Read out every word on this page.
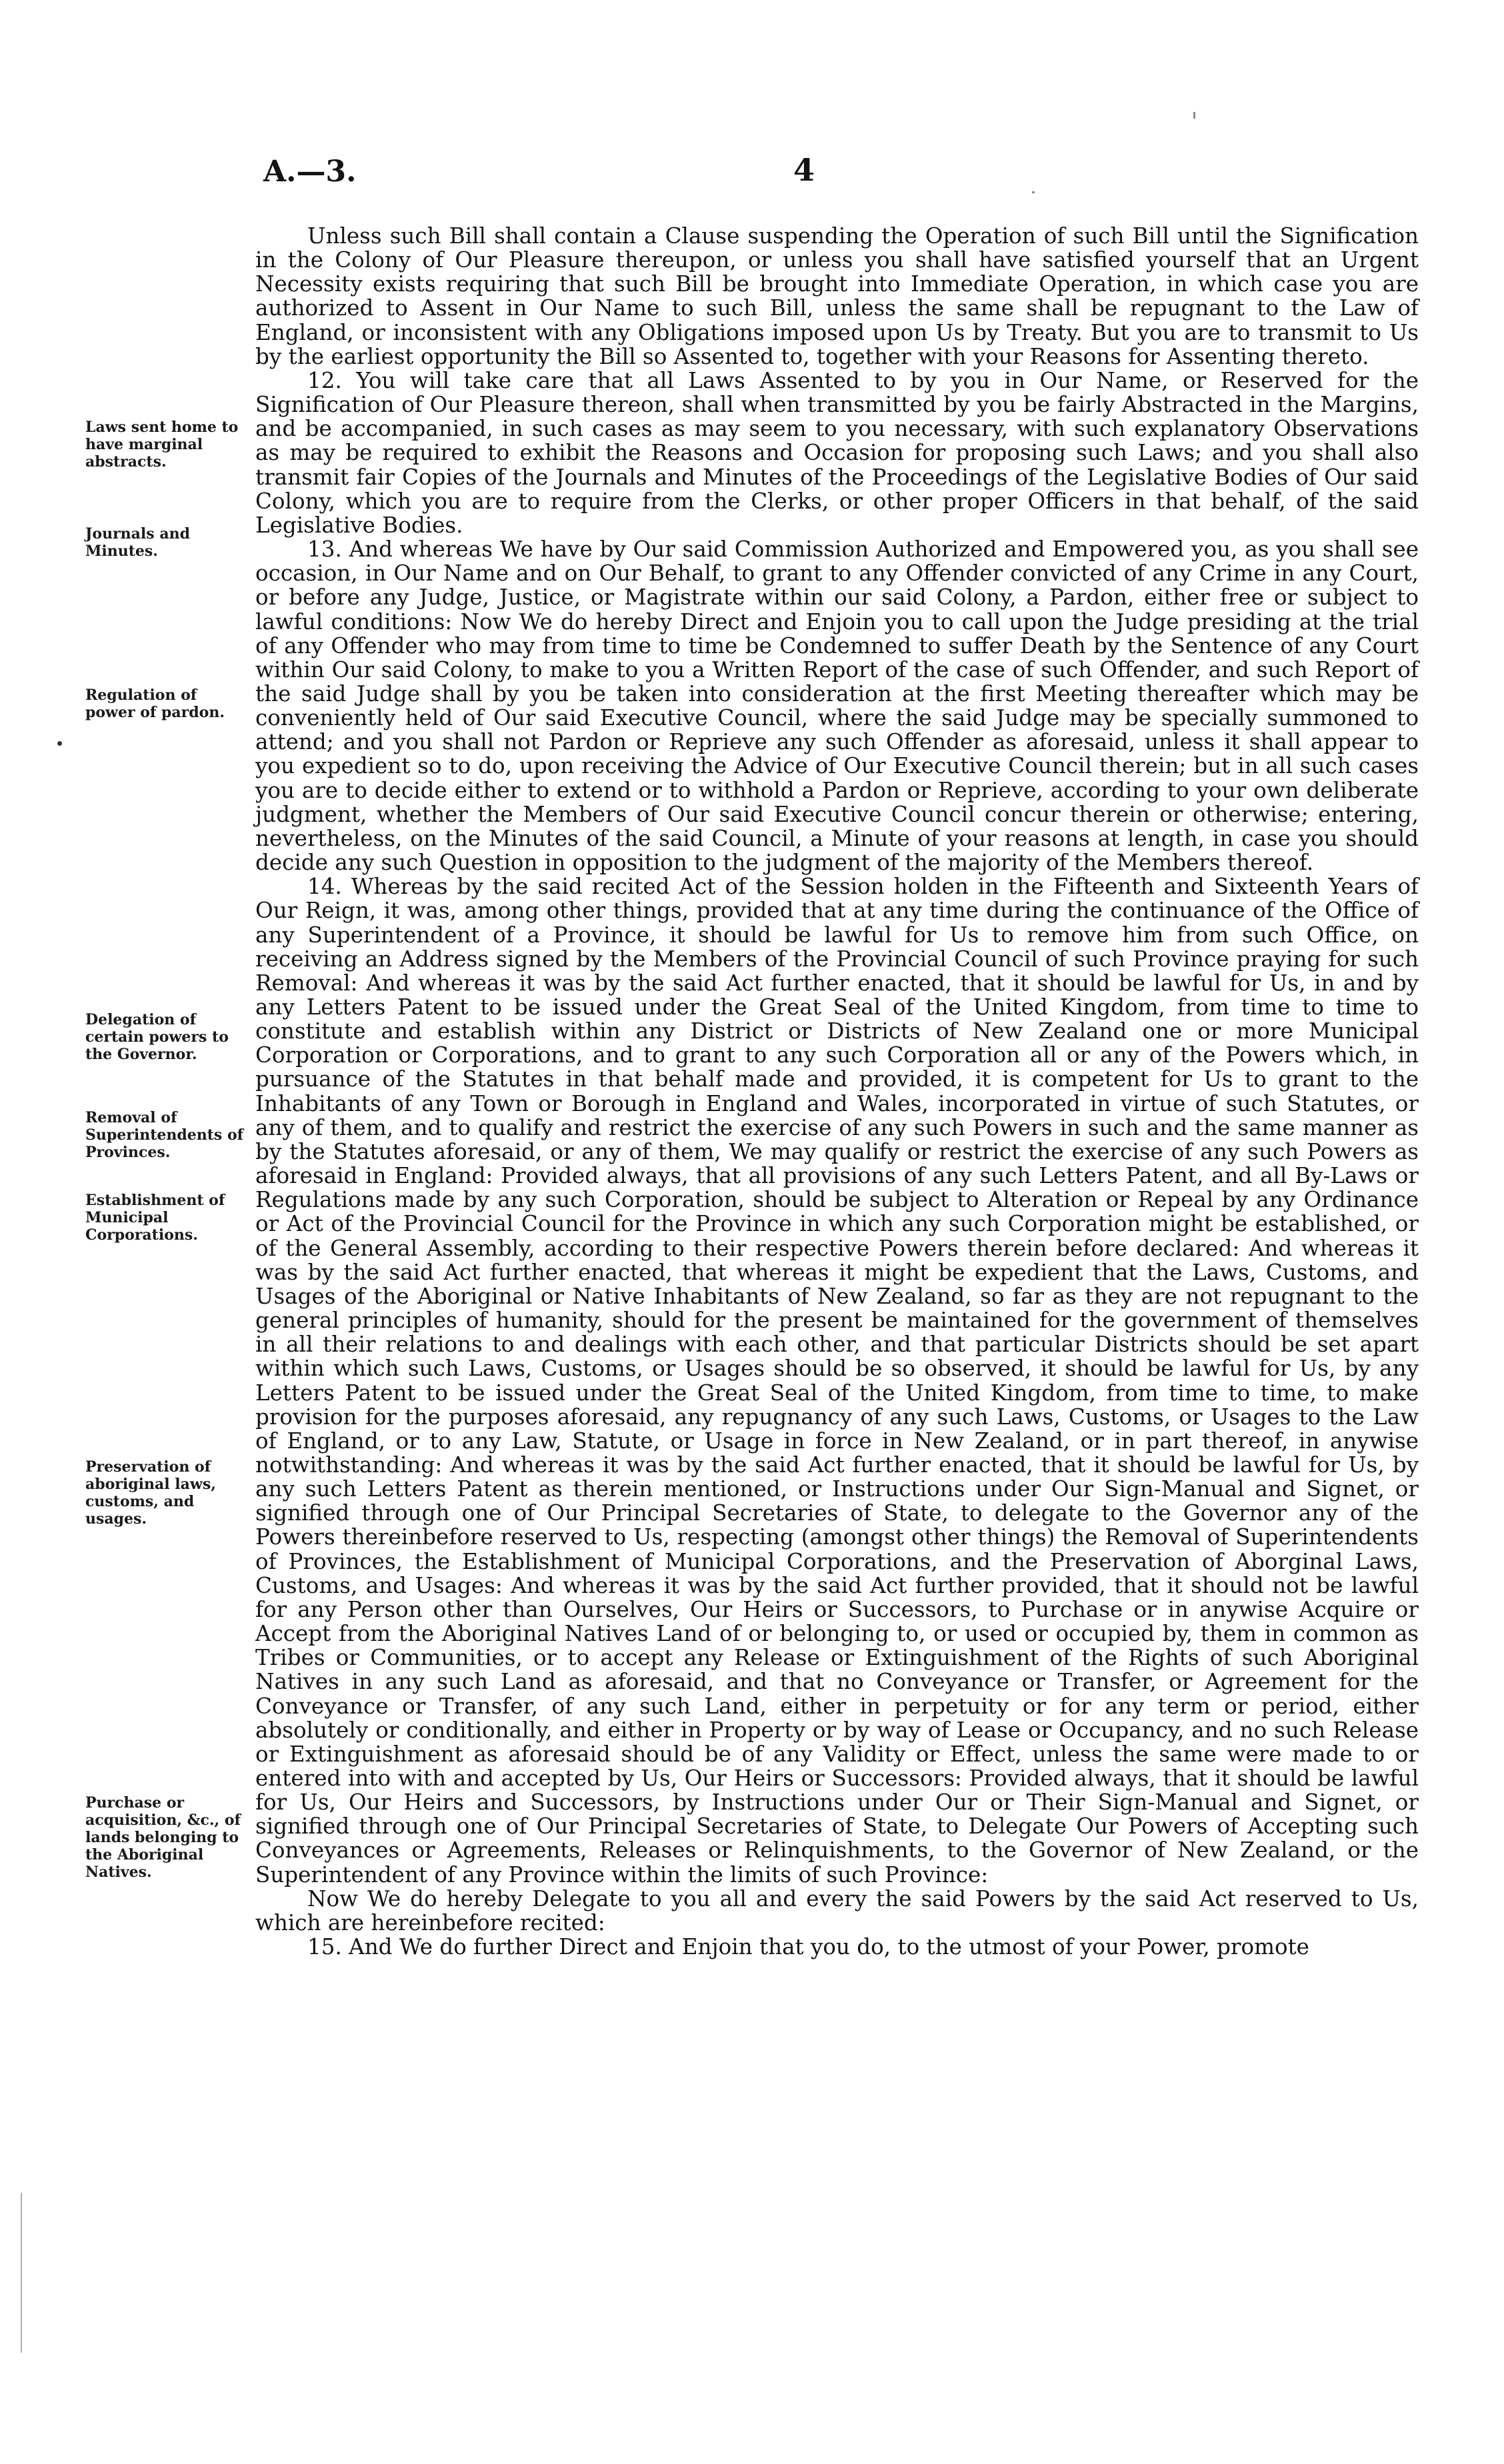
A.—3.	4
Laws sent home to have marginal abstracts.
Journals and Minutes.
Regulation of power of pardon.
Delegation of certain powers to the Governor.
Removal of Superintendents of Provinces.
Establishment of Municipal Corporations.
Preservation of aboriginal laws, customs, and usages.
Purchase or acquisition, &c., of lands belonging to the Aboriginal Natives.

Unless such Bill shall contain a Clause suspending the Operation of such Bill until the Signification in the Colony of Our Pleasure thereupon, or unless you shall have satisfied yourself that an Urgent Necessity exists requiring that such Bill be brought into Immediate Operation, in which case you are authorized to Assent in Our Name to such Bill, unless the same shall be repugnant to the Law of England, or inconsistent with any Obligations imposed upon Us by Treaty. But you are to transmit to Us by the earliest opportunity the Bill so Assented to, together with your Reasons for Assenting thereto.

12. You will take care that all Laws Assented to by you in Our Name, or Reserved for the Signification of Our Pleasure thereon, shall when transmitted by you be fairly Abstracted in the Margins, and be accompanied, in such cases as may seem to you necessary, with such explanatory Observations as may be required to exhibit the Reasons and Occasion for proposing such Laws; and you shall also transmit fair Copies of the Journals and Minutes of the Proceedings of the Legislative Bodies of Our said Colony, which you are to require from the Clerks, or other proper Officers in that behalf, of the said Legislative Bodies.

13. And whereas We have by Our said Commission Authorized and Empowered you, as you shall see occasion, in Our Name and on Our Behalf, to grant to any Offender convicted of any Crime in any Court, or before any Judge, Justice, or Magistrate within our said Colony, a Pardon, either free or subject to lawful conditions: Now We do hereby Direct and Enjoin you to call upon the Judge presiding at the trial of any Offender who may from time to time be Condemned to suffer Death by the Sentence of any Court within Our said Colony, to make to you a Written Report of the case of such Offender, and such Report of the said Judge shall by you be taken into consideration at the first Meeting thereafter which may be conveniently held of Our said Executive Council, where the said Judge may be specially summoned to attend; and you shall not Pardon or Reprieve any such Offender as aforesaid, unless it shall appear to you expedient so to do, upon receiving the Advice of Our Executive Council therein; but in all such cases you are to decide either to extend or to withhold a Pardon or Reprieve, according to your own deliberate judgment, whether the Members of Our said Executive Council concur therein or otherwise; entering, nevertheless, on the Minutes of the said Council, a Minute of your reasons at length, in case you should decide any such Question in opposition to the judgment of the majority of the Members thereof.

14. Whereas by the said recited Act of the Session holden in the Fifteenth and Sixteenth Years of Our Reign, it was, among other things, provided that at any time during the continuance of the Office of any Superintendent of a Province, it should be lawful for Us to remove him from such Office, on receiving an Address signed by the Members of the Provincial Council of such Province praying for such Removal: And whereas it was by the said Act further enacted, that it should be lawful for Us, in and by any Letters Patent to be issued under the Great Seal of the United Kingdom, from time to time to constitute and establish within any District or Districts of New Zealand one or more Municipal Corporation or Corporations, and to grant to any such Corporation all or any of the Powers which, in pursuance of the Statutes in that behalf made and provided, it is competent for Us to grant to the Inhabitants of any Town or Borough in England and Wales, incorporated in virtue of such Statutes, or any of them, and to qualify and restrict the exercise of any such Powers in such and the same manner as by the Statutes aforesaid, or any of them, We may qualify or restrict the exercise of any such Powers as aforesaid in England: Provided always, that all provisions of any such Letters Patent, and all By-Laws or Regulations made by any such Corporation, should be subject to Alteration or Repeal by any Ordinance or Act of the Provincial Council for the Province in which any such Corporation might be established, or of the General Assembly, according to their respective Powers therein before declared: And whereas it was by the said Act further enacted, that whereas it might be expedient that the Laws, Customs, and Usages of the Aboriginal or Native Inhabitants of New Zealand, so far as they are not repugnant to the general principles of humanity, should for the present be maintained for the government of themselves in all their relations to and dealings with each other, and that particular Districts should be set apart within which such Laws, Customs, or Usages should be so observed, it should be lawful for Us, by any Letters Patent to be issued under the Great Seal of the United Kingdom, from time to time, to make provision for the purposes aforesaid, any repugnancy of any such Laws, Customs, or Usages to the Law of England, or to any Law, Statute, or Usage in force in New Zealand, or in part thereof, in anywise notwithstanding: And whereas it was by the said Act further enacted, that it should be lawful for Us, by any such Letters Patent as therein mentioned, or Instructions under Our Sign-Manual and Signet, or signified through one of Our Principal Secretaries of State, to delegate to the Governor any of the Powers thereinbefore reserved to Us, respecting (amongst other things) the Removal of Superintendents of Provinces, the Establishment of Municipal Corporations, and the Preservation of Aborginal Laws, Customs, and Usages: And whereas it was by the said Act further provided, that it should not be lawful for any Person other than Ourselves, Our Heirs or Successors, to Purchase or in anywise Acquire or Accept from the Aboriginal Natives Land of or belonging to, or used or occupied by, them in common as Tribes or Communities, or to accept any Release or Extinguishment of the Rights of such Aboriginal Natives in any such Land as aforesaid, and that no Conveyance or Transfer, or Agreement for the Conveyance or Transfer, of any such Land, either in perpetuity or for any term or period, either absolutely or conditionally, and either in Property or by way of Lease or Occupancy, and no such Release or Extinguishment as aforesaid should be of any Validity or Effect, unless the same were made to or entered into with and accepted by Us, Our Heirs or Successors: Provided always, that it should be lawful for Us, Our Heirs and Successors, by Instructions under Our or Their Sign-Manual and Signet, or signified through one of Our Principal Secretaries of State, to Delegate Our Powers of Accepting such Conveyances or Agreements, Releases or Relinquishments, to the Governor of New Zealand, or the Superintendent of any Province within the limits of such Province:

Now We do hereby Delegate to you all and every the said Powers by the said Act reserved to Us, which are hereinbefore recited:

15. And We do further Direct and Enjoin that you do, to the utmost of your Power, promote
